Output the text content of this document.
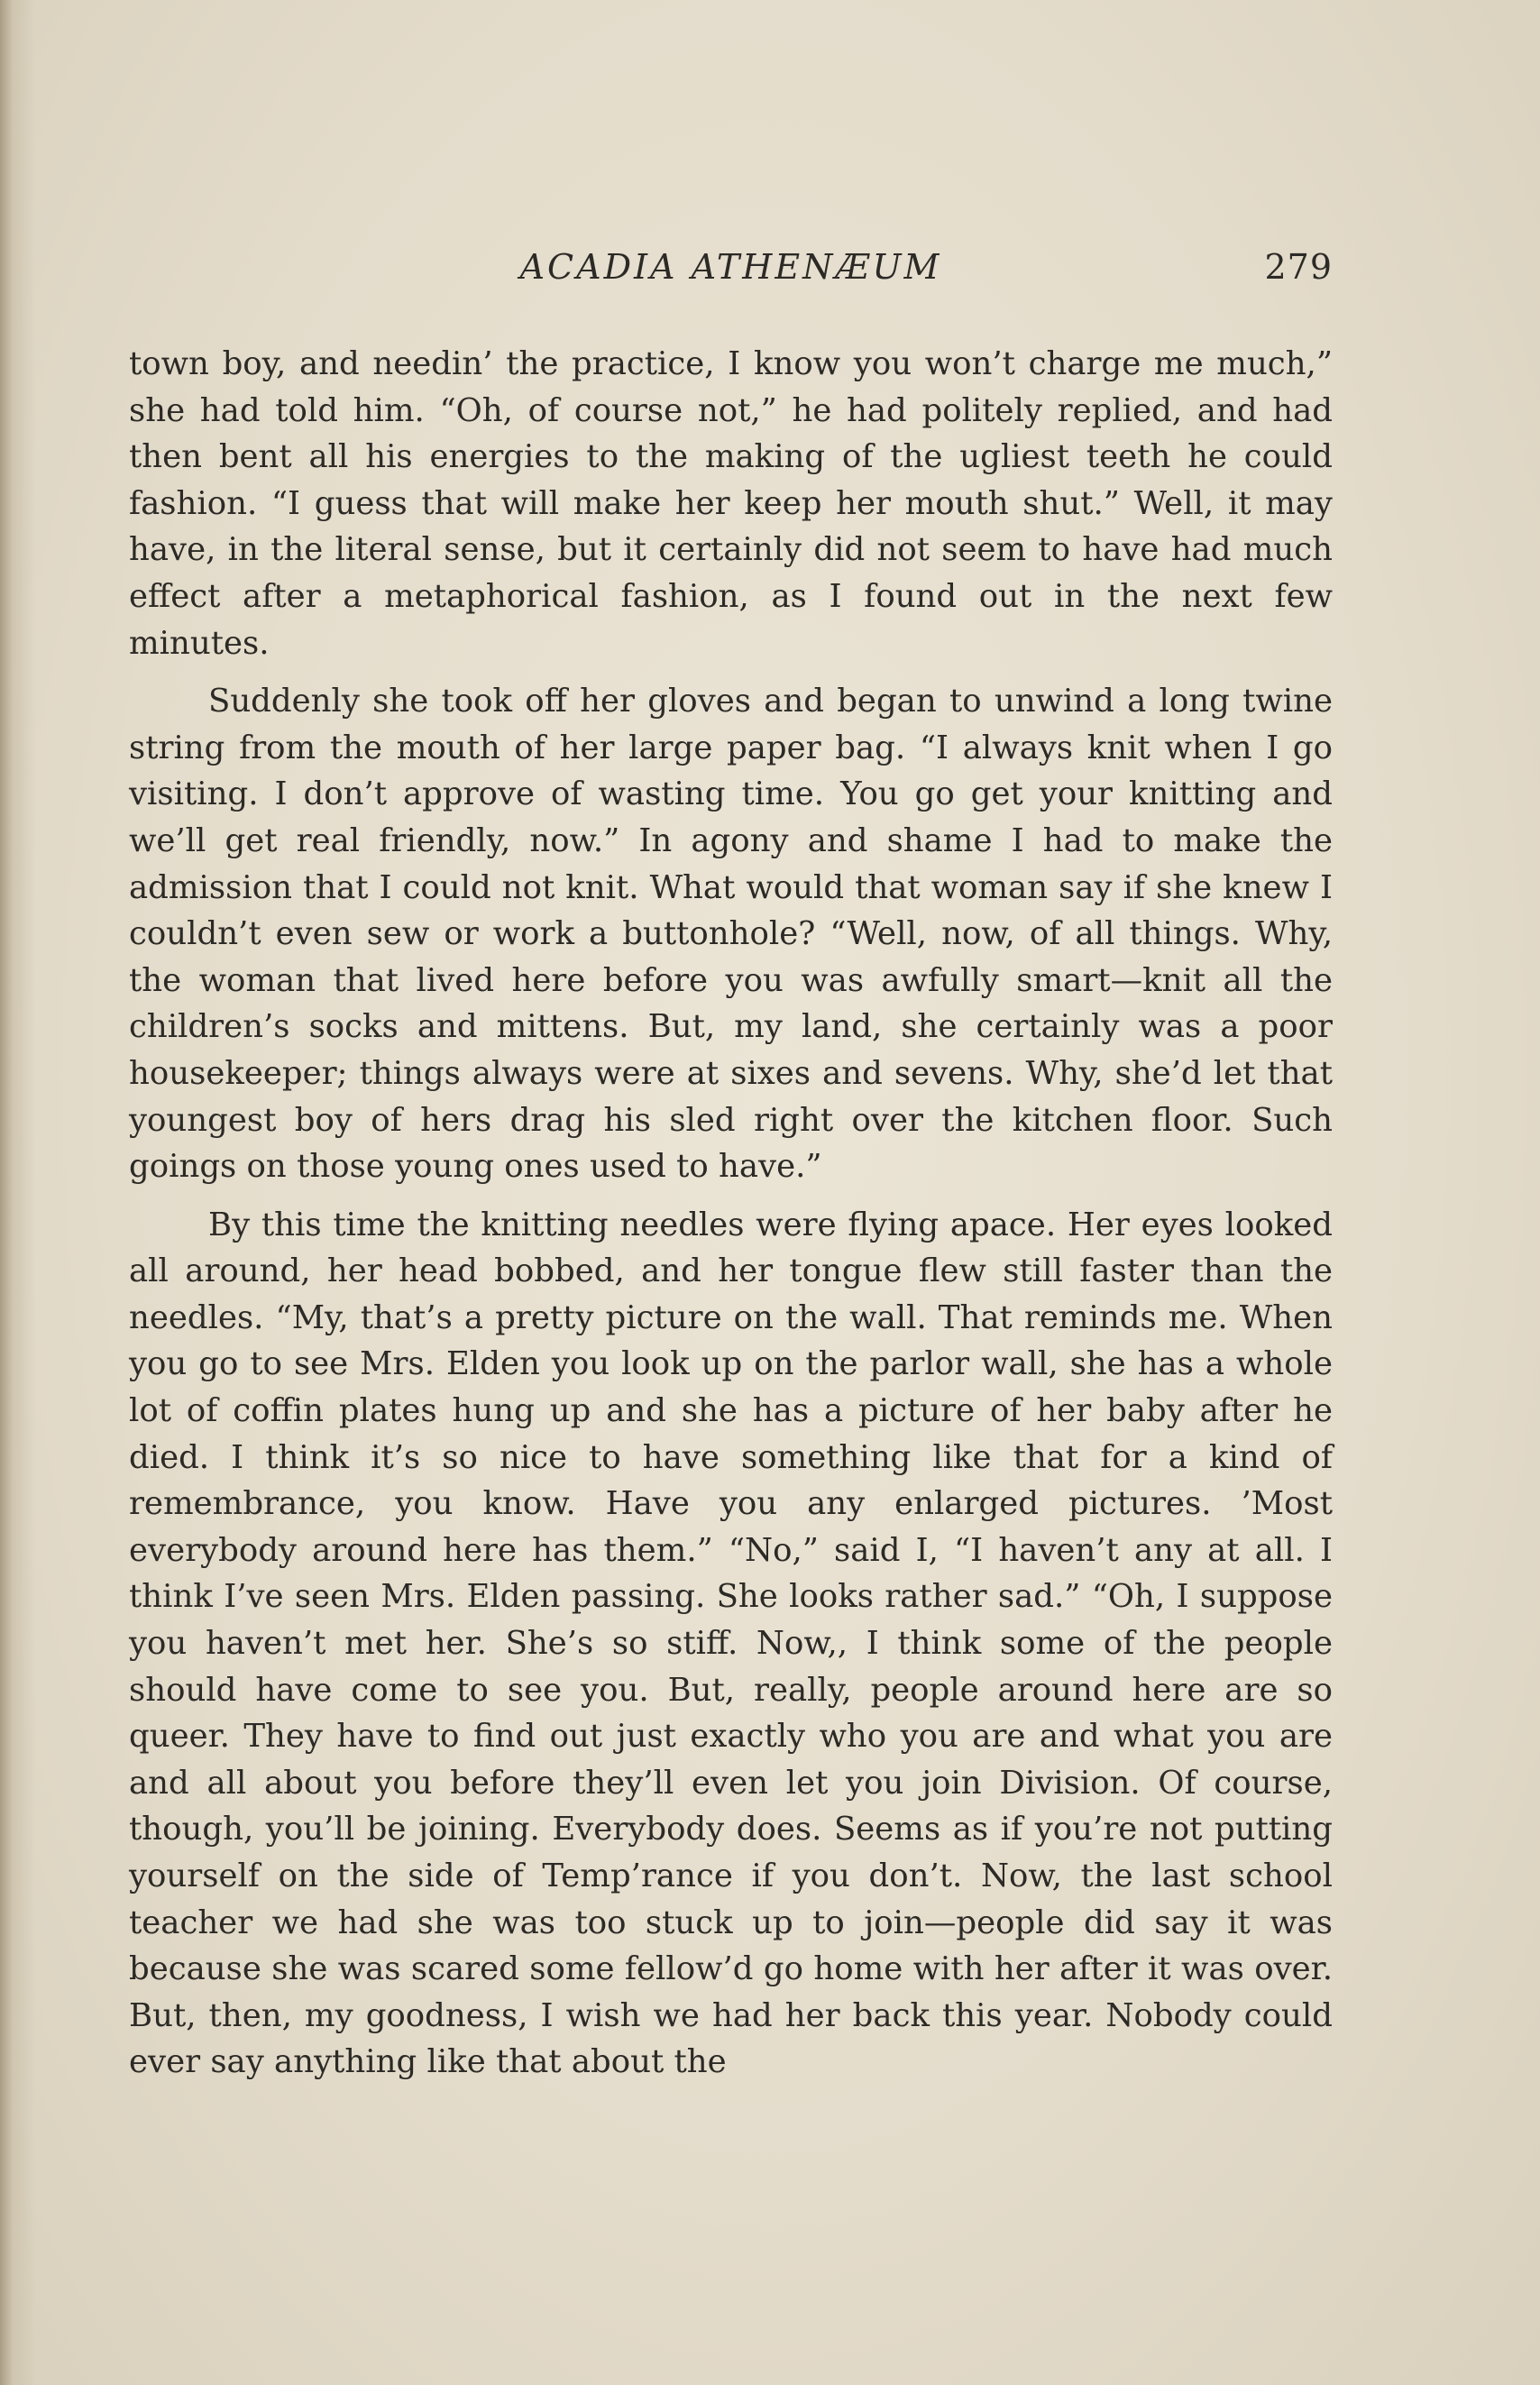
ACADIA ATHENÆUM	279

town boy, and needin’ the practice, I know you won’t charge me much,” she had told him. “Oh, of course not,” he had politely replied, and had then bent all his energies to the making of the ugliest teeth he could fashion. “I guess that will make her keep her mouth shut.” Well, it may have, in the literal sense, but it certainly did not seem to have had much effect after a metaphorical fashion, as I found out in the next few minutes.

Suddenly she took off her gloves and began to unwind a long twine string from the mouth of her large paper bag. “I always knit when I go visiting. I don’t approve of wasting time. You go get your knitting and we’ll get real friendly, now.” In agony and shame I had to make the admission that I could not knit. What would that woman say if she knew I couldn’t even sew or work a buttonhole? “Well, now, of all things. Why, the woman that lived here before you was awfully smart—knit all the children’s socks and mittens. But, my land, she certainly was a poor housekeeper; things always were at sixes and sevens. Why, she’d let that youngest boy of hers drag his sled right over the kitchen floor. Such goings on those young ones used to have.”

By this time the knitting needles were flying apace. Her eyes looked all around, her head bobbed, and her tongue flew still faster than the needles. “My, that’s a pretty picture on the wall. That reminds me. When you go to see Mrs. Elden you look up on the parlor wall, she has a whole lot of coffin plates hung up and she has a picture of her baby after he died. I think it’s so nice to have something like that for a kind of remembrance, you know. Have you any enlarged pictures. ’Most everybody around here has them.” “No,” said I, “I haven’t any at all. I think I’ve seen Mrs. Elden passing. She looks rather sad.” “Oh, I suppose you haven’t met her. She’s so stiff. Now,, I think some of the people should have come to see you. But, really, people around here are so queer. They have to find out just exactly who you are and what you are and all about you before they’ll even let you join Division. Of course, though, you’ll be joining. Everybody does. Seems as if you’re not putting yourself on the side of Temp’rance if you don’t. Now, the last school teacher we had she was too stuck up to join—people did say it was because she was scared some fellow’d go home with her after it was over. But, then, my goodness, I wish we had her back this year. Nobody could ever say anything like that about the
